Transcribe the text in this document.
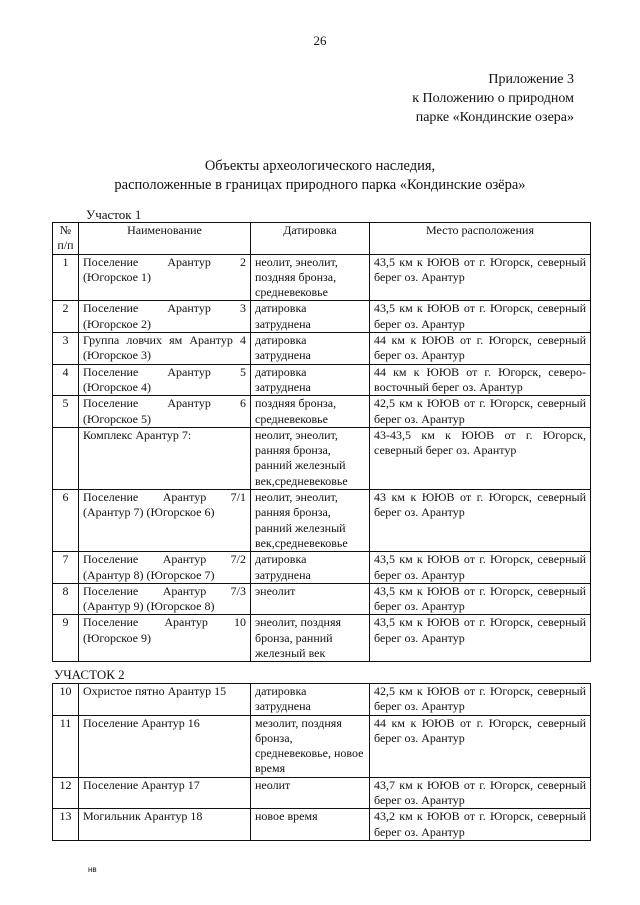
26
Приложение 3
к Положению о природном
парке «Кондинские озера»
Объекты археологического наследия,
расположенные в границах природного парка «Кондинские озёра»
Участок 1
№ п/п	Наименование	Датировка	Место расположения
1	Поселение Арантур 2 (Югорское 1)	неолит, энеолит, поздняя бронза, средневековье	43,5 км к ЮЮВ от г. Югорск, северный берег оз. Арантур
2	Поселение Арантур 3 (Югорское 2)	датировка затруднена	43,5 км к ЮЮВ от г. Югорск, северный берег оз. Арантур
3	Группа ловчих ям Арантур 4 (Югорское 3)	датировка затруднена	44 км к ЮЮВ от г. Югорск, северный берег оз. Арантур
4	Поселение Арантур 5 (Югорское 4)	датировка затруднена	44 км к ЮЮВ от г. Югорск, северо-восточный берег оз. Арантур
5	Поселение Арантур 6 (Югорское 5)	поздняя бронза, средневековье	42,5 км к ЮЮВ от г. Югорск, северный берег оз. Арантур
	Комплекс Арантур 7:	неолит, энеолит, ранняя бронза, ранний железный век,средневековье	43-43,5 км к ЮЮВ от г. Югорск, северный берег оз. Арантур
6	Поселение Арантур 7/1 (Арантур 7) (Югорское 6)	неолит, энеолит, ранняя бронза, ранний железный век,средневековье	43 км к ЮЮВ от г. Югорск, северный берег оз. Арантур
7	Поселение Арантур 7/2 (Арантур 8) (Югорское 7)	датировка затруднена	43,5 км к ЮЮВ от г. Югорск, северный берег оз. Арантур
8	Поселение Арантур 7/3 (Арантур 9) (Югорское 8)	энеолит	43,5 км к ЮЮВ от г. Югорск, северный берег оз. Арантур
9	Поселение Арантур 10 (Югорское 9)	энеолит, поздняя бронза, ранний железный век	43,5 км к ЮЮВ от г. Югорск, северный берег оз. Арантур
УЧАСТОК 2
10	Охристое пятно Арантур 15	датировка затруднена	42,5 км к ЮЮВ от г. Югорск, северный берег оз. Арантур
11	Поселение Арантур 16	мезолит, поздняя бронза, средневековье, новое время	44 км к ЮЮВ от г. Югорск, северный берег оз. Арантур
12	Поселение Арантур 17	неолит	43,7 км к ЮЮВ от г. Югорск, северный берег оз. Арантур
13	Могильник Арантур 18	новое время	43,2 км к ЮЮВ от г. Югорск, северный берег оз. Арантур
нв
